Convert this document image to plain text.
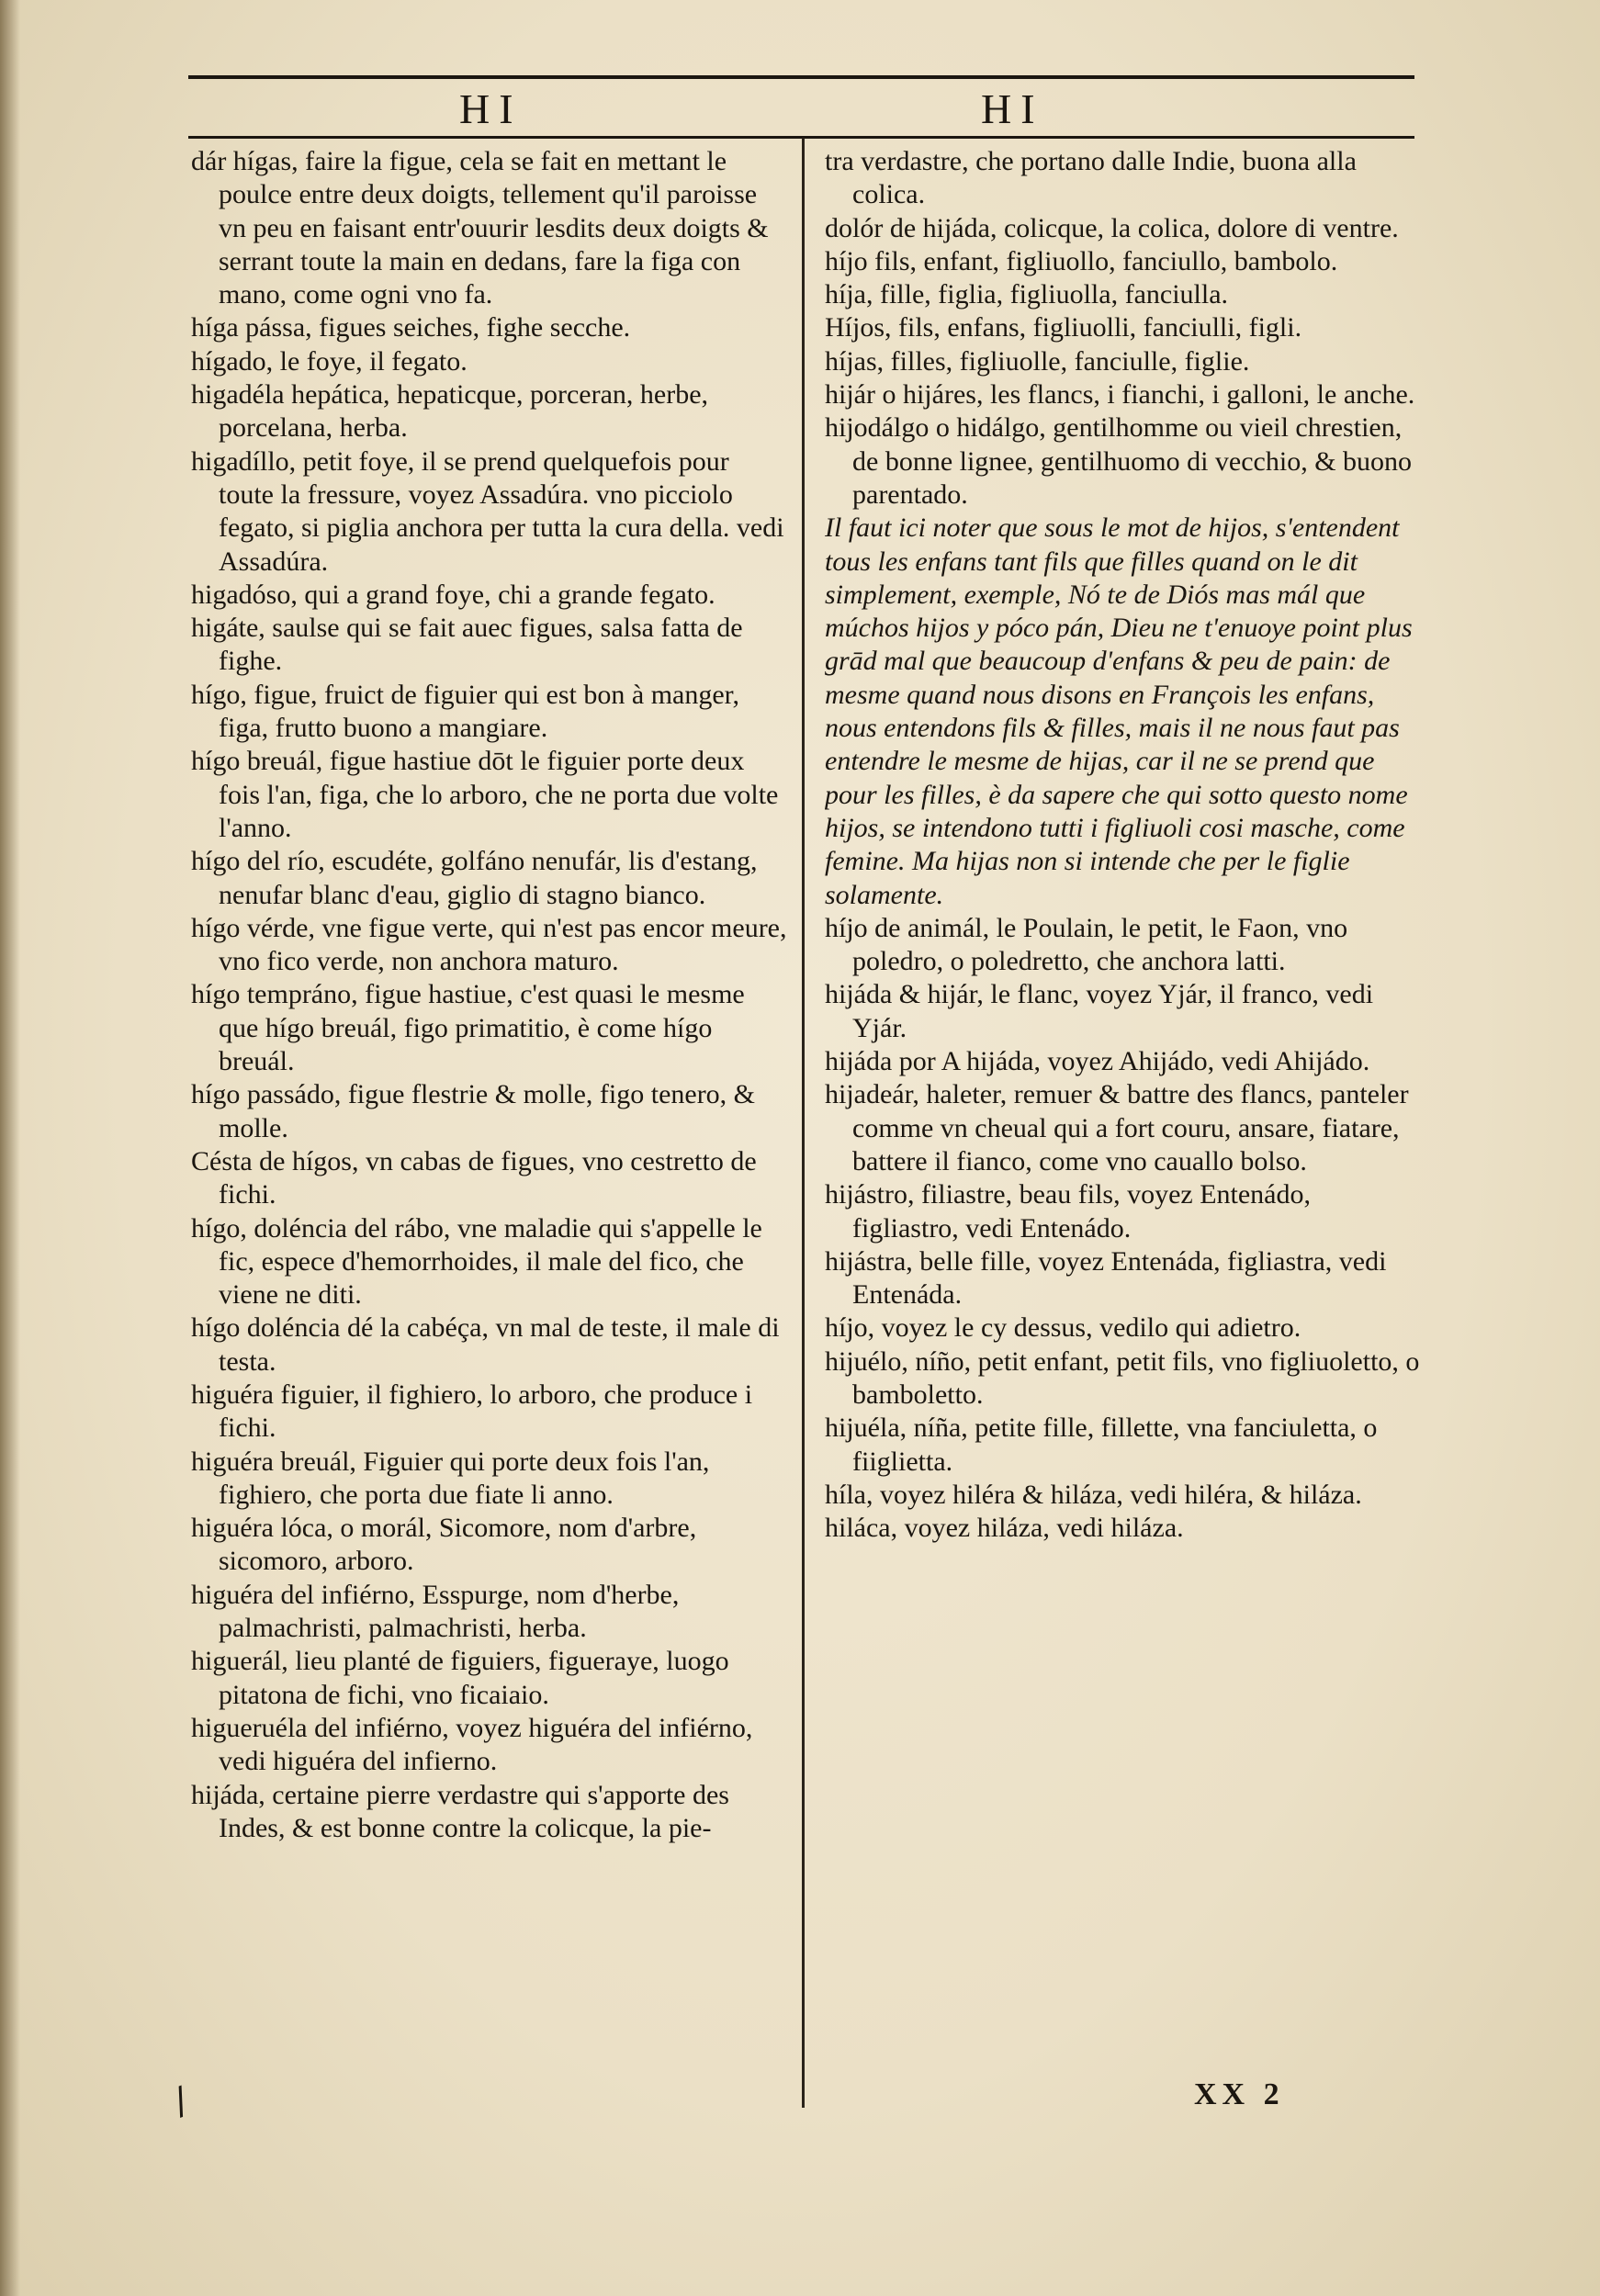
HI	HI

dár hígas, faire la figue, cela se fait en mettant le poulce entre deux doigts, tellement qu'il paroisse vn peu en faisant entr'ouurir lesdits deux doigts & serrant toute la main en dedans, fare la figa con mano, come ogni vno fa.

híga pássa, figues seiches, fighe secche.

hígado, le foye, il fegato.

higadéla hepática, hepaticque, porceran, herbe, porcelana, herba.

higadíllo, petit foye, il se prend quelquefois pour toute la fressure, voyez Assadúra. vno picciolo fegato, si piglia anchora per tutta la cura della. vedi Assadúra.

higadóso, qui a grand foye, chi a grande fegato.

higáte, saulse qui se fait auec figues, salsa fatta de fighe.

hígo, figue, fruict de figuier qui est bon à manger, figa, frutto buono a mangiare.

hígo breuál, figue hastiue dōt le figuier porte deux fois l'an, figa, che lo arboro, che ne porta due volte l'anno.

hígo del río, escudéte, golfáno nenufár, lis d'estang, nenufar blanc d'eau, giglio di stagno bianco.

hígo vérde, vne figue verte, qui n'est pas encor meure, vno fico verde, non anchora maturo.

hígo tempráno, figue hastiue, c'est quasi le mesme que hígo breuál, figo primatitio, è come hígo breuál.

hígo passádo, figue flestrie & molle, figo tenero, & molle.

Césta de hígos, vn cabas de figues, vno cestretto de fichi.

hígo, doléncia del rábo, vne maladie qui s'appelle le fic, espece d'hemorrhoides, il male del fico, che viene ne diti.

hígo doléncia dé la cabéça, vn mal de teste, il male di testa.

higuéra figuier, il fighiero, lo arboro, che produce i fichi.

higuéra breuál, Figuier qui porte deux fois l'an, fighiero, che porta due fiate li anno.

higuéra lóca, o morál, Sicomore, nom d'arbre, sicomoro, arboro.

higuéra del infiérno, Esspurge, nom d'herbe, palmachristi, palmachristi, herba.

higuerál, lieu planté de figuiers, figueraye, luogo pitatona de fichi, vno ficaiaio.

higueruéla del infiérno, voyez higuéra del infiérno, vedi higuéra del infierno.

hijáda, certaine pierre verdastre qui s'apporte des Indes, & est bonne contre la colicque, la pie-

tra verdastre, che portano dalle Indie, buona alla colica.

dolór de hijáda, colicque, la colica, dolore di ventre.

híjo fils, enfant, figliuollo, fanciullo, bambolo.

híja, fille, figlia, figliuolla, fanciulla.

Híjos, fils, enfans, figliuolli, fanciulli, figli.

híjas, filles, figliuolle, fanciulle, figlie.

hijár o hijáres, les flancs, i fianchi, i galloni, le anche.

hijodálgo o hidálgo, gentilhomme ou vieil chrestien, de bonne lignee, gentilhuomo di vecchio, & buono parentado.

Il faut ici noter que sous le mot de hijos, s'entendent tous les enfans tant fils que filles quand on le dit simplement, exemple, Nó te de Diós mas mál que múchos hijos y póco pán, Dieu ne t'enuoye point plus grād mal que beaucoup d'enfans & peu de pain: de mesme quand nous disons en François les enfans, nous entendons fils & filles, mais il ne nous faut pas entendre le mesme de hijas, car il ne se prend que pour les filles, è da sapere che qui sotto questo nome hijos, se intendono tutti i figliuoli cosi masche, come femine. Ma hijas non si intende che per le figlie solamente.

híjo de animál, le Poulain, le petit, le Faon, vno poledro, o poledretto, che anchora latti.

hijáda & hijár, le flanc, voyez Yjár, il franco, vedi Yjár.

hijáda por A hijáda, voyez Ahijádo, vedi Ahijádo.

hijadeár, haleter, remuer & battre des flancs, panteler comme vn cheual qui a fort couru, ansare, fiatare, battere il fianco, come vno cauallo bolso.

hijástro, filiastre, beau fils, voyez Entenádo, figliastro, vedi Entenádo.

hijástra, belle fille, voyez Entenáda, figliastra, vedi Entenáda.

híjo, voyez le cy dessus, vedilo qui adietro.

hijuélo, níño, petit enfant, petit fils, vno figliuoletto, o bamboletto.

hijuéla, níña, petite fille, fillette, vna fanciuletta, o fiiglietta.

híla, voyez hiléra & hiláza, vedi hiléra, & hiláza.

hiláca, voyez hiláza, vedi hiláza.

/	XX 2
